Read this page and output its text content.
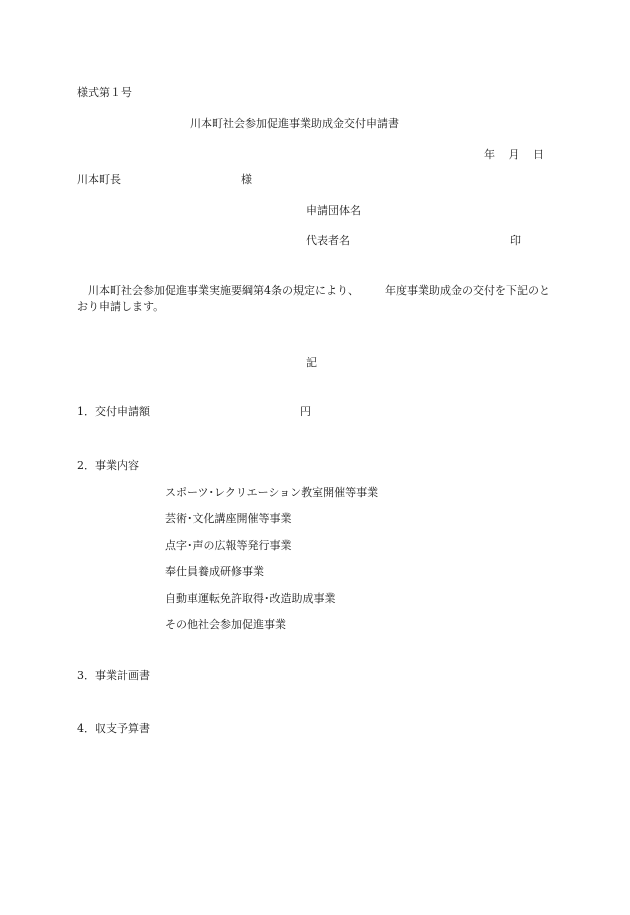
様式第１号
川本町社会参加促進事業助成金交付申請書
年 月 日
川本町長	様
申請団体名
代表者名	印
　川本町社会参加促進事業実施要綱第4条の規定により、 年度事業助成金の交付を下記のとおり申請します。
記
1．交付申請額	円
2．事業内容
スポーツ･レクリエーション教室開催等事業
芸術･文化講座開催等事業
点字･声の広報等発行事業
奉仕員養成研修事業
自動車運転免許取得･改造助成事業
その他社会参加促進事業
3．事業計画書
4．収支予算書
